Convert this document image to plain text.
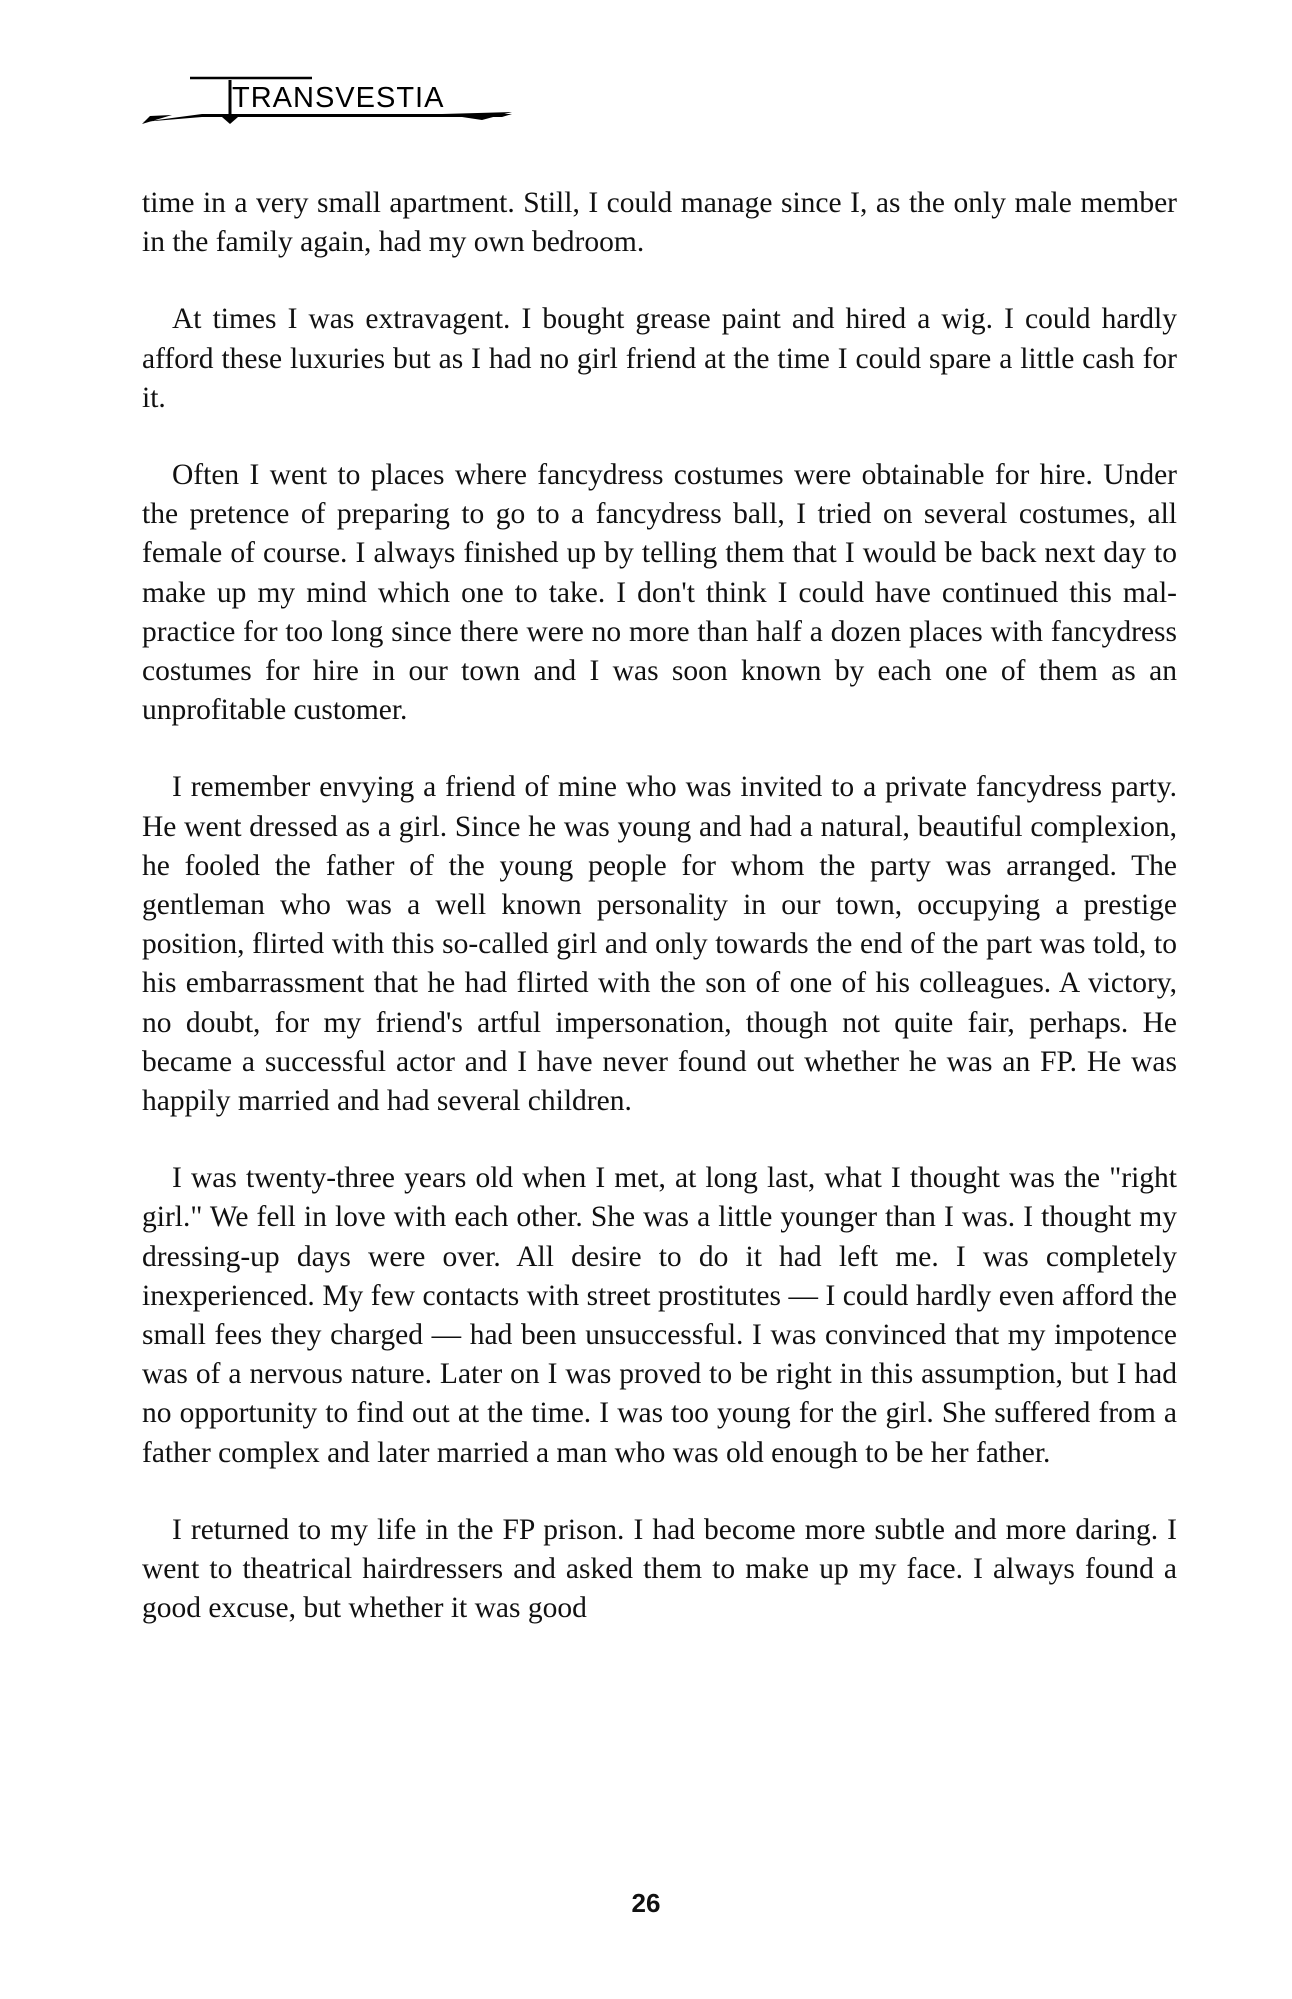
TRANSVESTIA

time in a very small apartment. Still, I could manage since I, as the only male member in the family again, had my own bedroom.

At times I was extravagent. I bought grease paint and hired a wig. I could hardly afford these luxuries but as I had no girl friend at the time I could spare a little cash for it.

Often I went to places where fancydress costumes were obtainable for hire. Under the pretence of preparing to go to a fancydress ball, I tried on several costumes, all female of course. I always finished up by telling them that I would be back next day to make up my mind which one to take. I don't think I could have continued this mal-practice for too long since there were no more than half a dozen places with fancydress costumes for hire in our town and I was soon known by each one of them as an unprofitable customer.

I remember envying a friend of mine who was invited to a private fancydress party. He went dressed as a girl. Since he was young and had a natural, beautiful complexion, he fooled the father of the young people for whom the party was arranged. The gentleman who was a well known personality in our town, occupying a prestige position, flirted with this so-called girl and only towards the end of the part was told, to his embarrassment that he had flirted with the son of one of his colleagues. A victory, no doubt, for my friend's artful impersonation, though not quite fair, perhaps. He became a successful actor and I have never found out whether he was an FP. He was happily married and had several children.

I was twenty-three years old when I met, at long last, what I thought was the "right girl." We fell in love with each other. She was a little younger than I was. I thought my dressing-up days were over. All desire to do it had left me. I was completely inexperienced. My few contacts with street prostitutes — I could hardly even afford the small fees they charged — had been unsuccessful. I was convinced that my impotence was of a nervous nature. Later on I was proved to be right in this assumption, but I had no opportunity to find out at the time. I was too young for the girl. She suffered from a father complex and later married a man who was old enough to be her father.

I returned to my life in the FP prison. I had become more subtle and more daring. I went to theatrical hairdressers and asked them to make up my face. I always found a good excuse, but whether it was good

26
